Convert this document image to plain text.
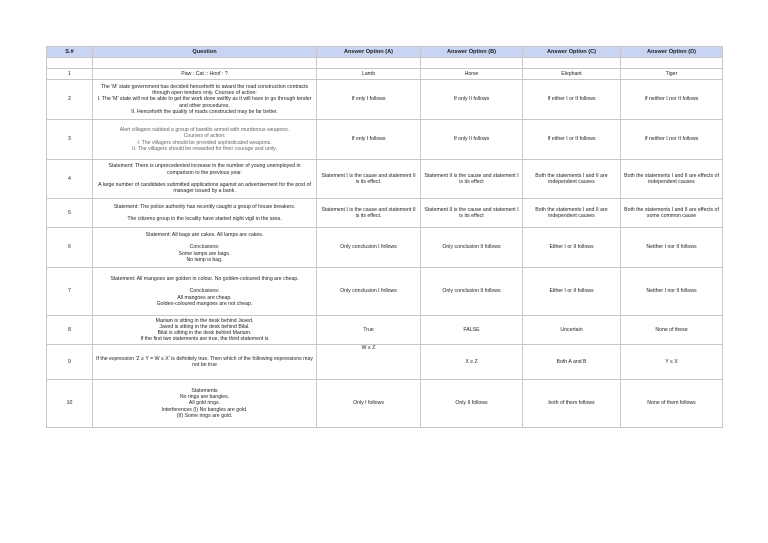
S.#	Question	Answer Option (A)	Answer Option (B)	Answer Option (C)	Answer Option (D)

1	Paw : Cat :: Hoof : ?	Lamb	Horse	Elephant	Tiger
2	The 'M' state government has decided henceforth to award the road construction contracts through open tenders only. Courses of action:
I. The 'M' state will not be able to get the work done swiftly as it will have to go through tender and other procedures.
II. Henceforth the quality of roads constructed may be far better.	If only I follows	If only II follows	If either I or II follows	If neither I nor II follows
3	Alert villagers nabbed a group of bandits armed with murderous weapons.
Courses of action:
I. The villagers should be provided sophisticated weapons.
II. The villagers should be rewarded for their courage and unity.	If only I follows	If only II follows	If either I or II follows	If neither I nor II follows
4	Statement: There is unprecedented increase in the number of young unemployed in comparison to the previous year.

A large number of candidates submitted applications against an advertisement for the post of manager issued by a bank.	Statement I is the cause and statement II is its effect.	Statement II is the cause and statement I is its effect	Both the statements I and II are independent causes	Both the statements I and II are effects of independent causes
5	Statement: The police authority has recently caught a group of house breakers.

The citizens group in the locality have started night vigil in the area.	Statement I is the cause and statement II is its effect.	Statement II is the cause and statement I is its effect	Both the statements I and II are independent causes	Both the statements I and II are effects of some common cause
6	Statement: All bags are cakes. All lamps are cakes.

Conclusions:
Some lamps are bags.
No lamp is bag.	Only conclusion I follows	Only conclusion II follows	Either I or II follows	Neither I nor II follows
7	Statement: All mangoes are golden in colour. No golden-coloured thing are cheap.

Conclusions:
All mangoes are cheap.
Golden-coloured mangoes are not cheap.	Only conclusion I follows	Only conclusion II follows	Either I or II follows	Neither I nor II follows
8	Mariam is sitting in the desk behind Javed.
Javed is sitting in the desk behind Bilal.
Bilal is sitting in the desk behind Mariam.
If the first two statements are true, the third statement is	True	FALSE	Uncertain	None of these
9	If the expression 'Z ≥ Y = W ≤ X' is definitely true. Then which of the following expressions may not be true	W ≤ Z	X ≥ Z	Both A and B	Y ≤ X
10	Statements
No rings are bangles.
All gold rings.
Interferences (I) No bangles are gold.
(II) Some rings are gold.	Only I follows	Only II follows	both of them follows	None of them follows
